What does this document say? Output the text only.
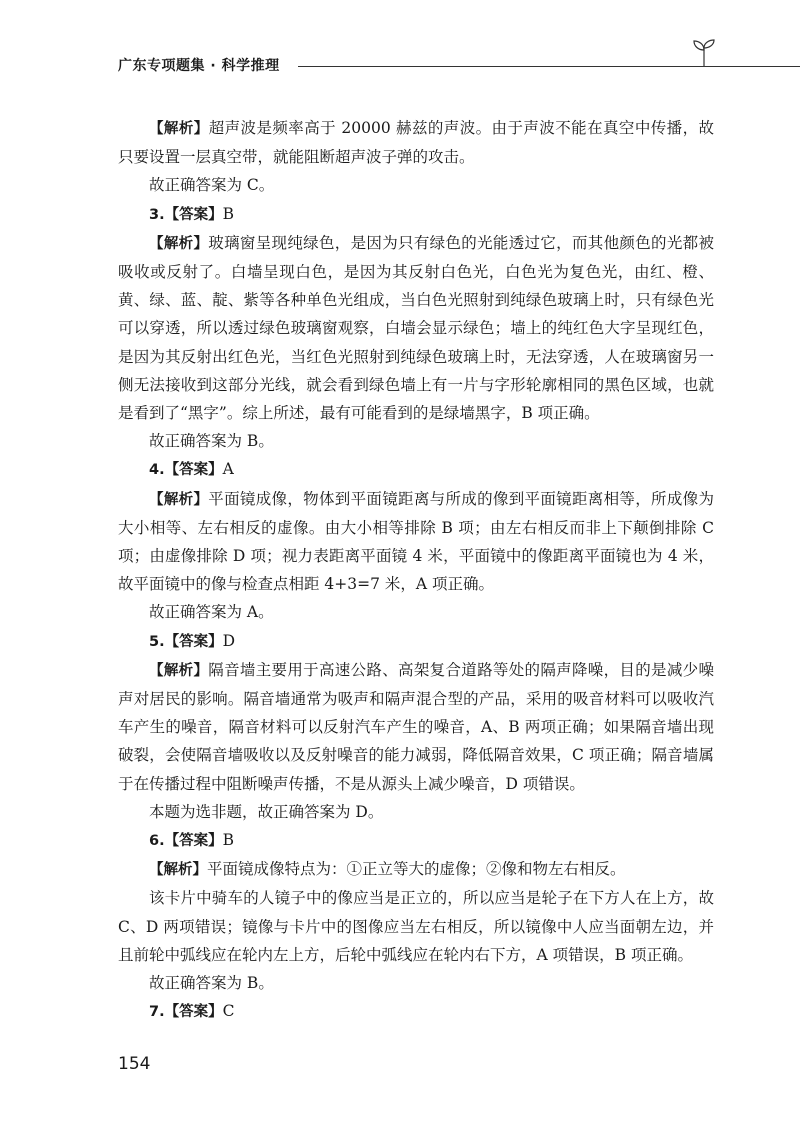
广东专项题集 · 科学推理

【解析】超声波是频率高于 20000 赫兹的声波。由于声波不能在真空中传播，故只要设置一层真空带，就能阻断超声波子弹的攻击。

故正确答案为 C。

3.【答案】B

【解析】玻璃窗呈现纯绿色，是因为只有绿色的光能透过它，而其他颜色的光都被吸收或反射了。白墙呈现白色，是因为其反射白色光，白色光为复色光，由红、橙、黄、绿、蓝、靛、紫等各种单色光组成，当白色光照射到纯绿色玻璃上时，只有绿色光可以穿透，所以透过绿色玻璃窗观察，白墙会显示绿色；墙上的纯红色大字呈现红色，是因为其反射出红色光，当红色光照射到纯绿色玻璃上时，无法穿透，人在玻璃窗另一侧无法接收到这部分光线，就会看到绿色墙上有一片与字形轮廓相同的黑色区域，也就是看到了“黑字”。综上所述，最有可能看到的是绿墙黑字，B 项正确。

故正确答案为 B。

4.【答案】A

【解析】平面镜成像，物体到平面镜距离与所成的像到平面镜距离相等，所成像为大小相等、左右相反的虚像。由大小相等排除 B 项；由左右相反而非上下颠倒排除 C 项；由虚像排除 D 项；视力表距离平面镜 4 米，平面镜中的像距离平面镜也为 4 米，故平面镜中的像与检查点相距 4+3=7 米，A 项正确。

故正确答案为 A。

5.【答案】D

【解析】隔音墙主要用于高速公路、高架复合道路等处的隔声降噪，目的是减少噪声对居民的影响。隔音墙通常为吸声和隔声混合型的产品，采用的吸音材料可以吸收汽车产生的噪音，隔音材料可以反射汽车产生的噪音，A、B 两项正确；如果隔音墙出现破裂，会使隔音墙吸收以及反射噪音的能力减弱，降低隔音效果，C 项正确；隔音墙属于在传播过程中阻断噪声传播，不是从源头上减少噪音，D 项错误。

本题为选非题，故正确答案为 D。

6.【答案】B

【解析】平面镜成像特点为：①正立等大的虚像；②像和物左右相反。

该卡片中骑车的人镜子中的像应当是正立的，所以应当是轮子在下方人在上方，故 C、D 两项错误；镜像与卡片中的图像应当左右相反，所以镜像中人应当面朝左边，并且前轮中弧线应在轮内左上方，后轮中弧线应在轮内右下方，A 项错误，B 项正确。

故正确答案为 B。

7.【答案】C

154
